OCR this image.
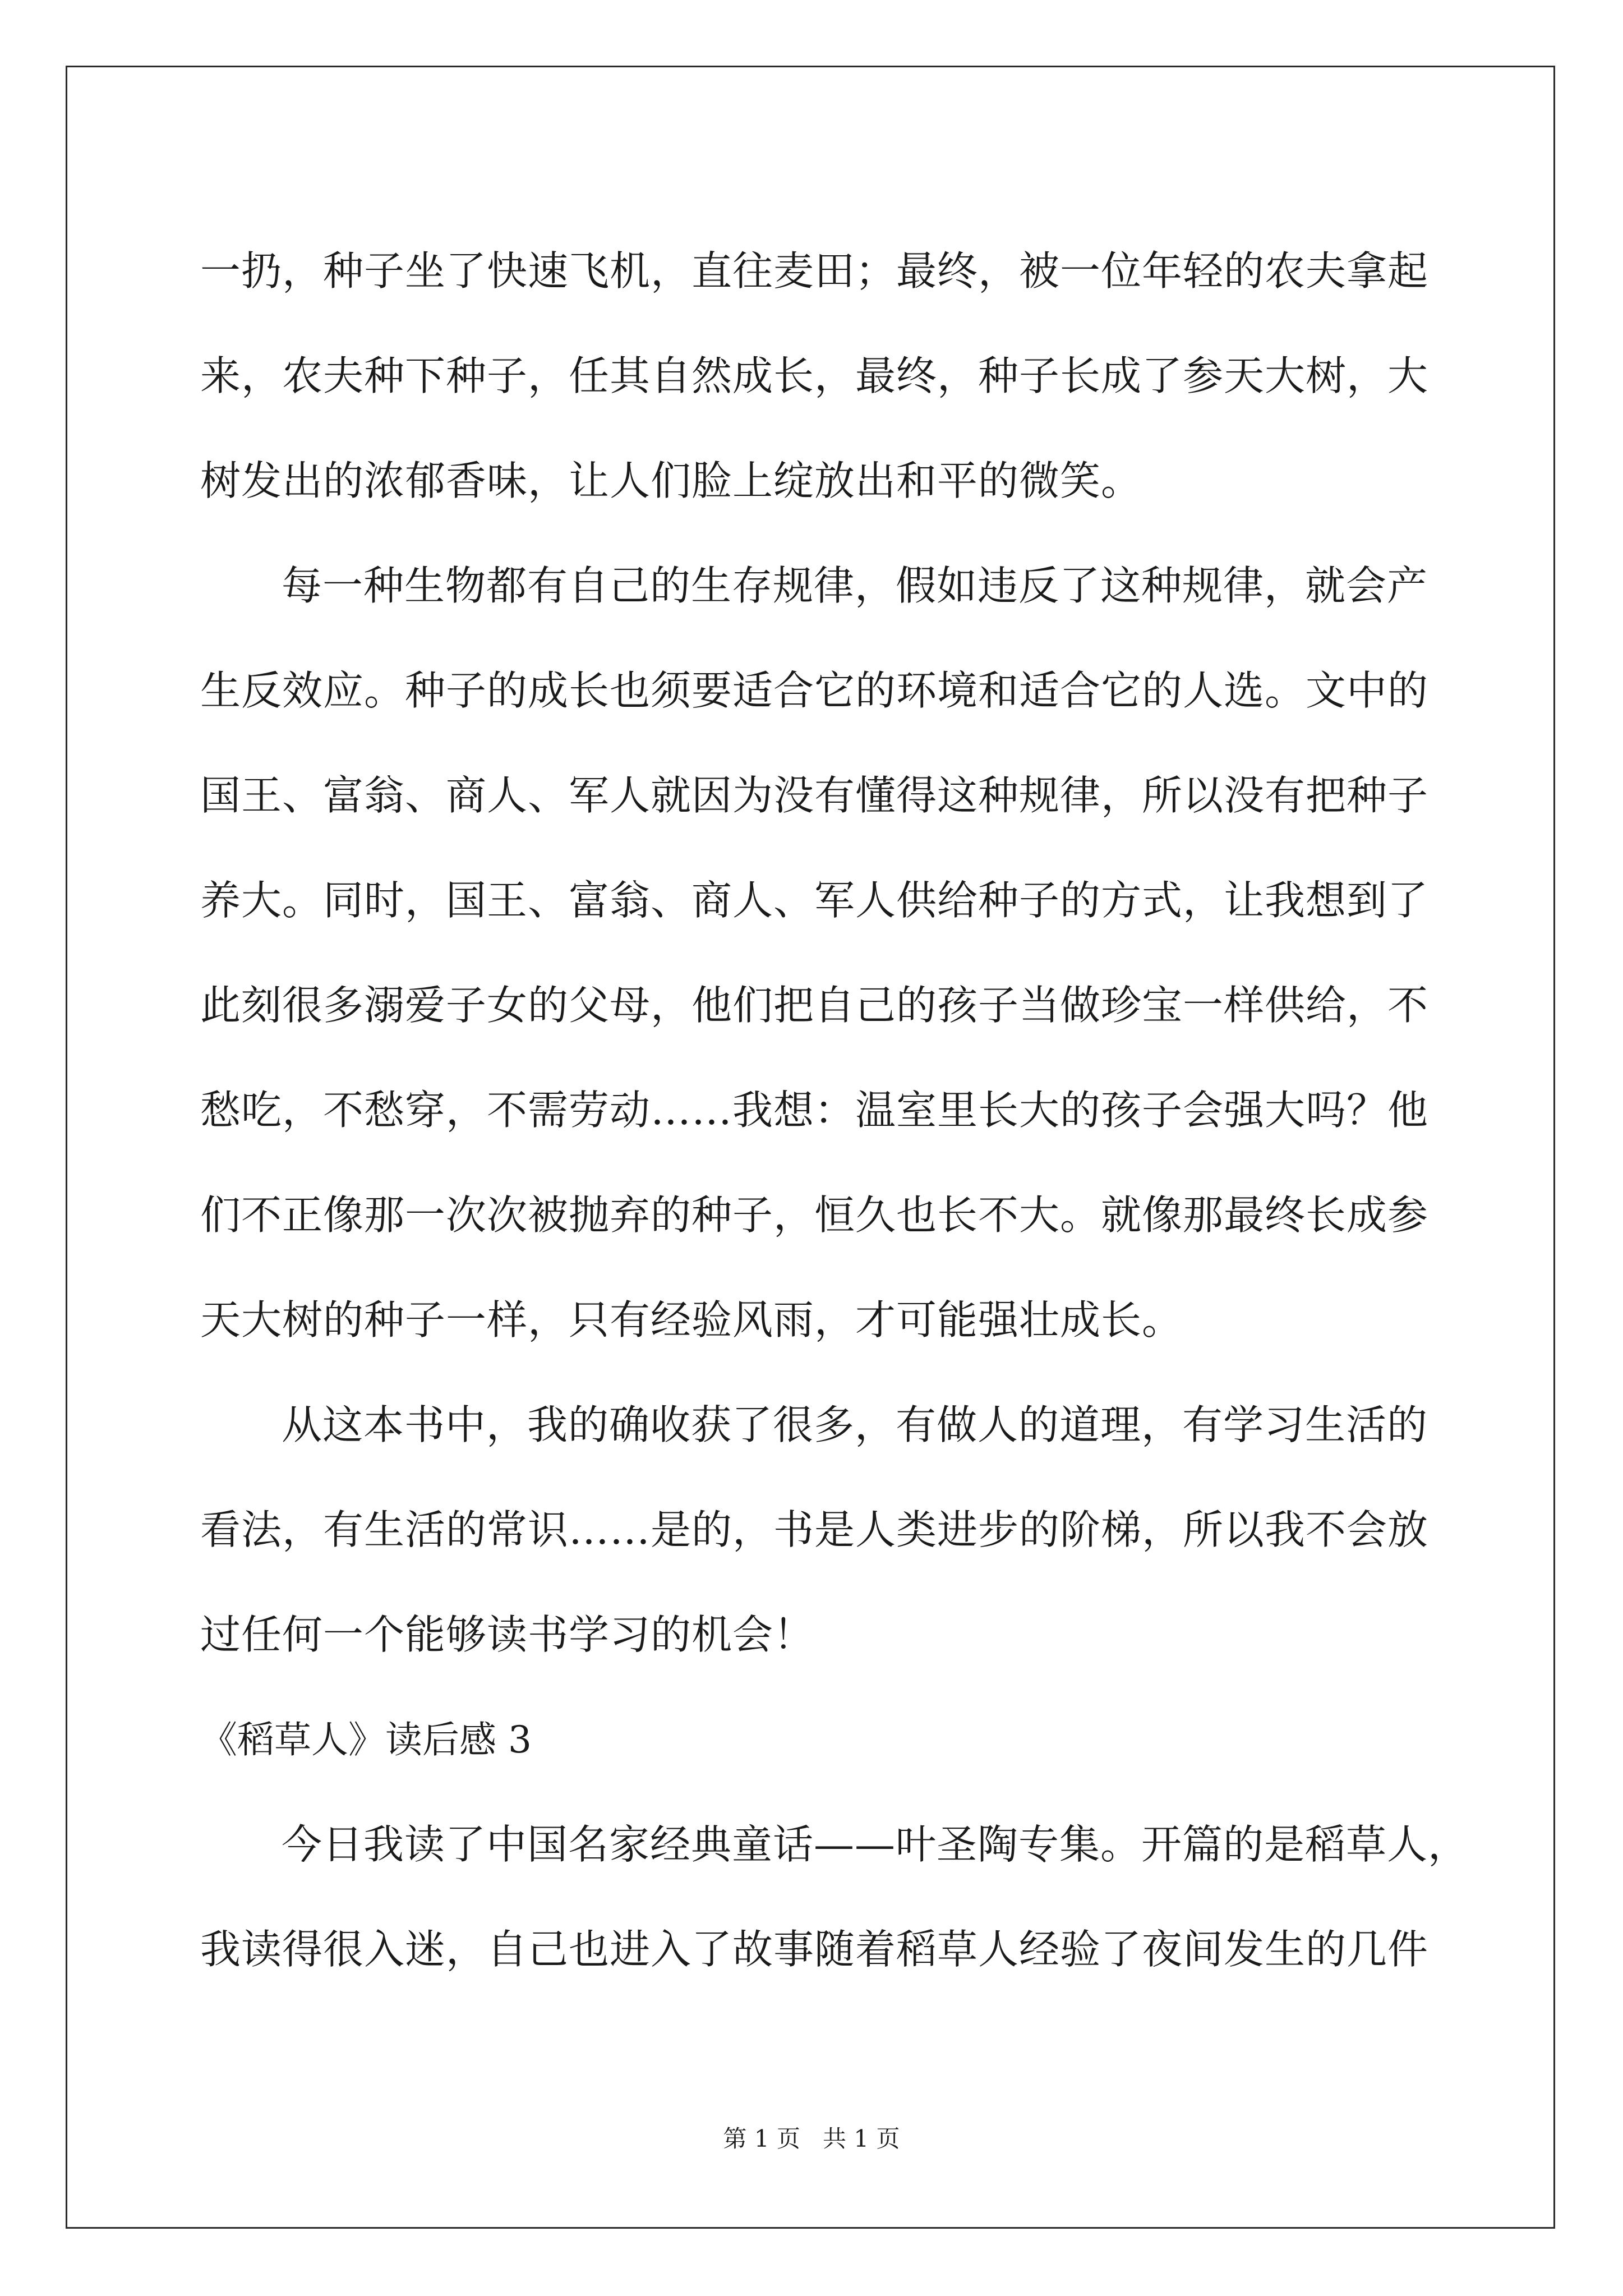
一扔，种子坐了快速飞机，直往麦田；最终，被一位年轻的农夫拿起
来，农夫种下种子，任其自然成长，最终，种子长成了参天大树，大
树发出的浓郁香味，让人们脸上绽放出和平的微笑。
每一种生物都有自己的生存规律，假如违反了这种规律，就会产
生反效应。种子的成长也须要适合它的环境和适合它的人选。文中的
国王、富翁、商人、军人就因为没有懂得这种规律，所以没有把种子
养大。同时，国王、富翁、商人、军人供给种子的方式，让我想到了
此刻很多溺爱子女的父母，他们把自己的孩子当做珍宝一样供给，不
愁吃，不愁穿，不需劳动……我想：温室里长大的孩子会强大吗？他
们不正像那一次次被抛弃的种子，恒久也长不大。就像那最终长成参
天大树的种子一样，只有经验风雨，才可能强壮成长。
从这本书中，我的确收获了很多，有做人的道理，有学习生活的
看法，有生活的常识……是的，书是人类进步的阶梯，所以我不会放
过任何一个能够读书学习的机会！
《稻草人》读后感 3
今日我读了中国名家经典童话——叶圣陶专集。开篇的是稻草人，
我读得很入迷，自己也进入了故事随着稻草人经验了夜间发生的几件
第 1 页   共 1 页
